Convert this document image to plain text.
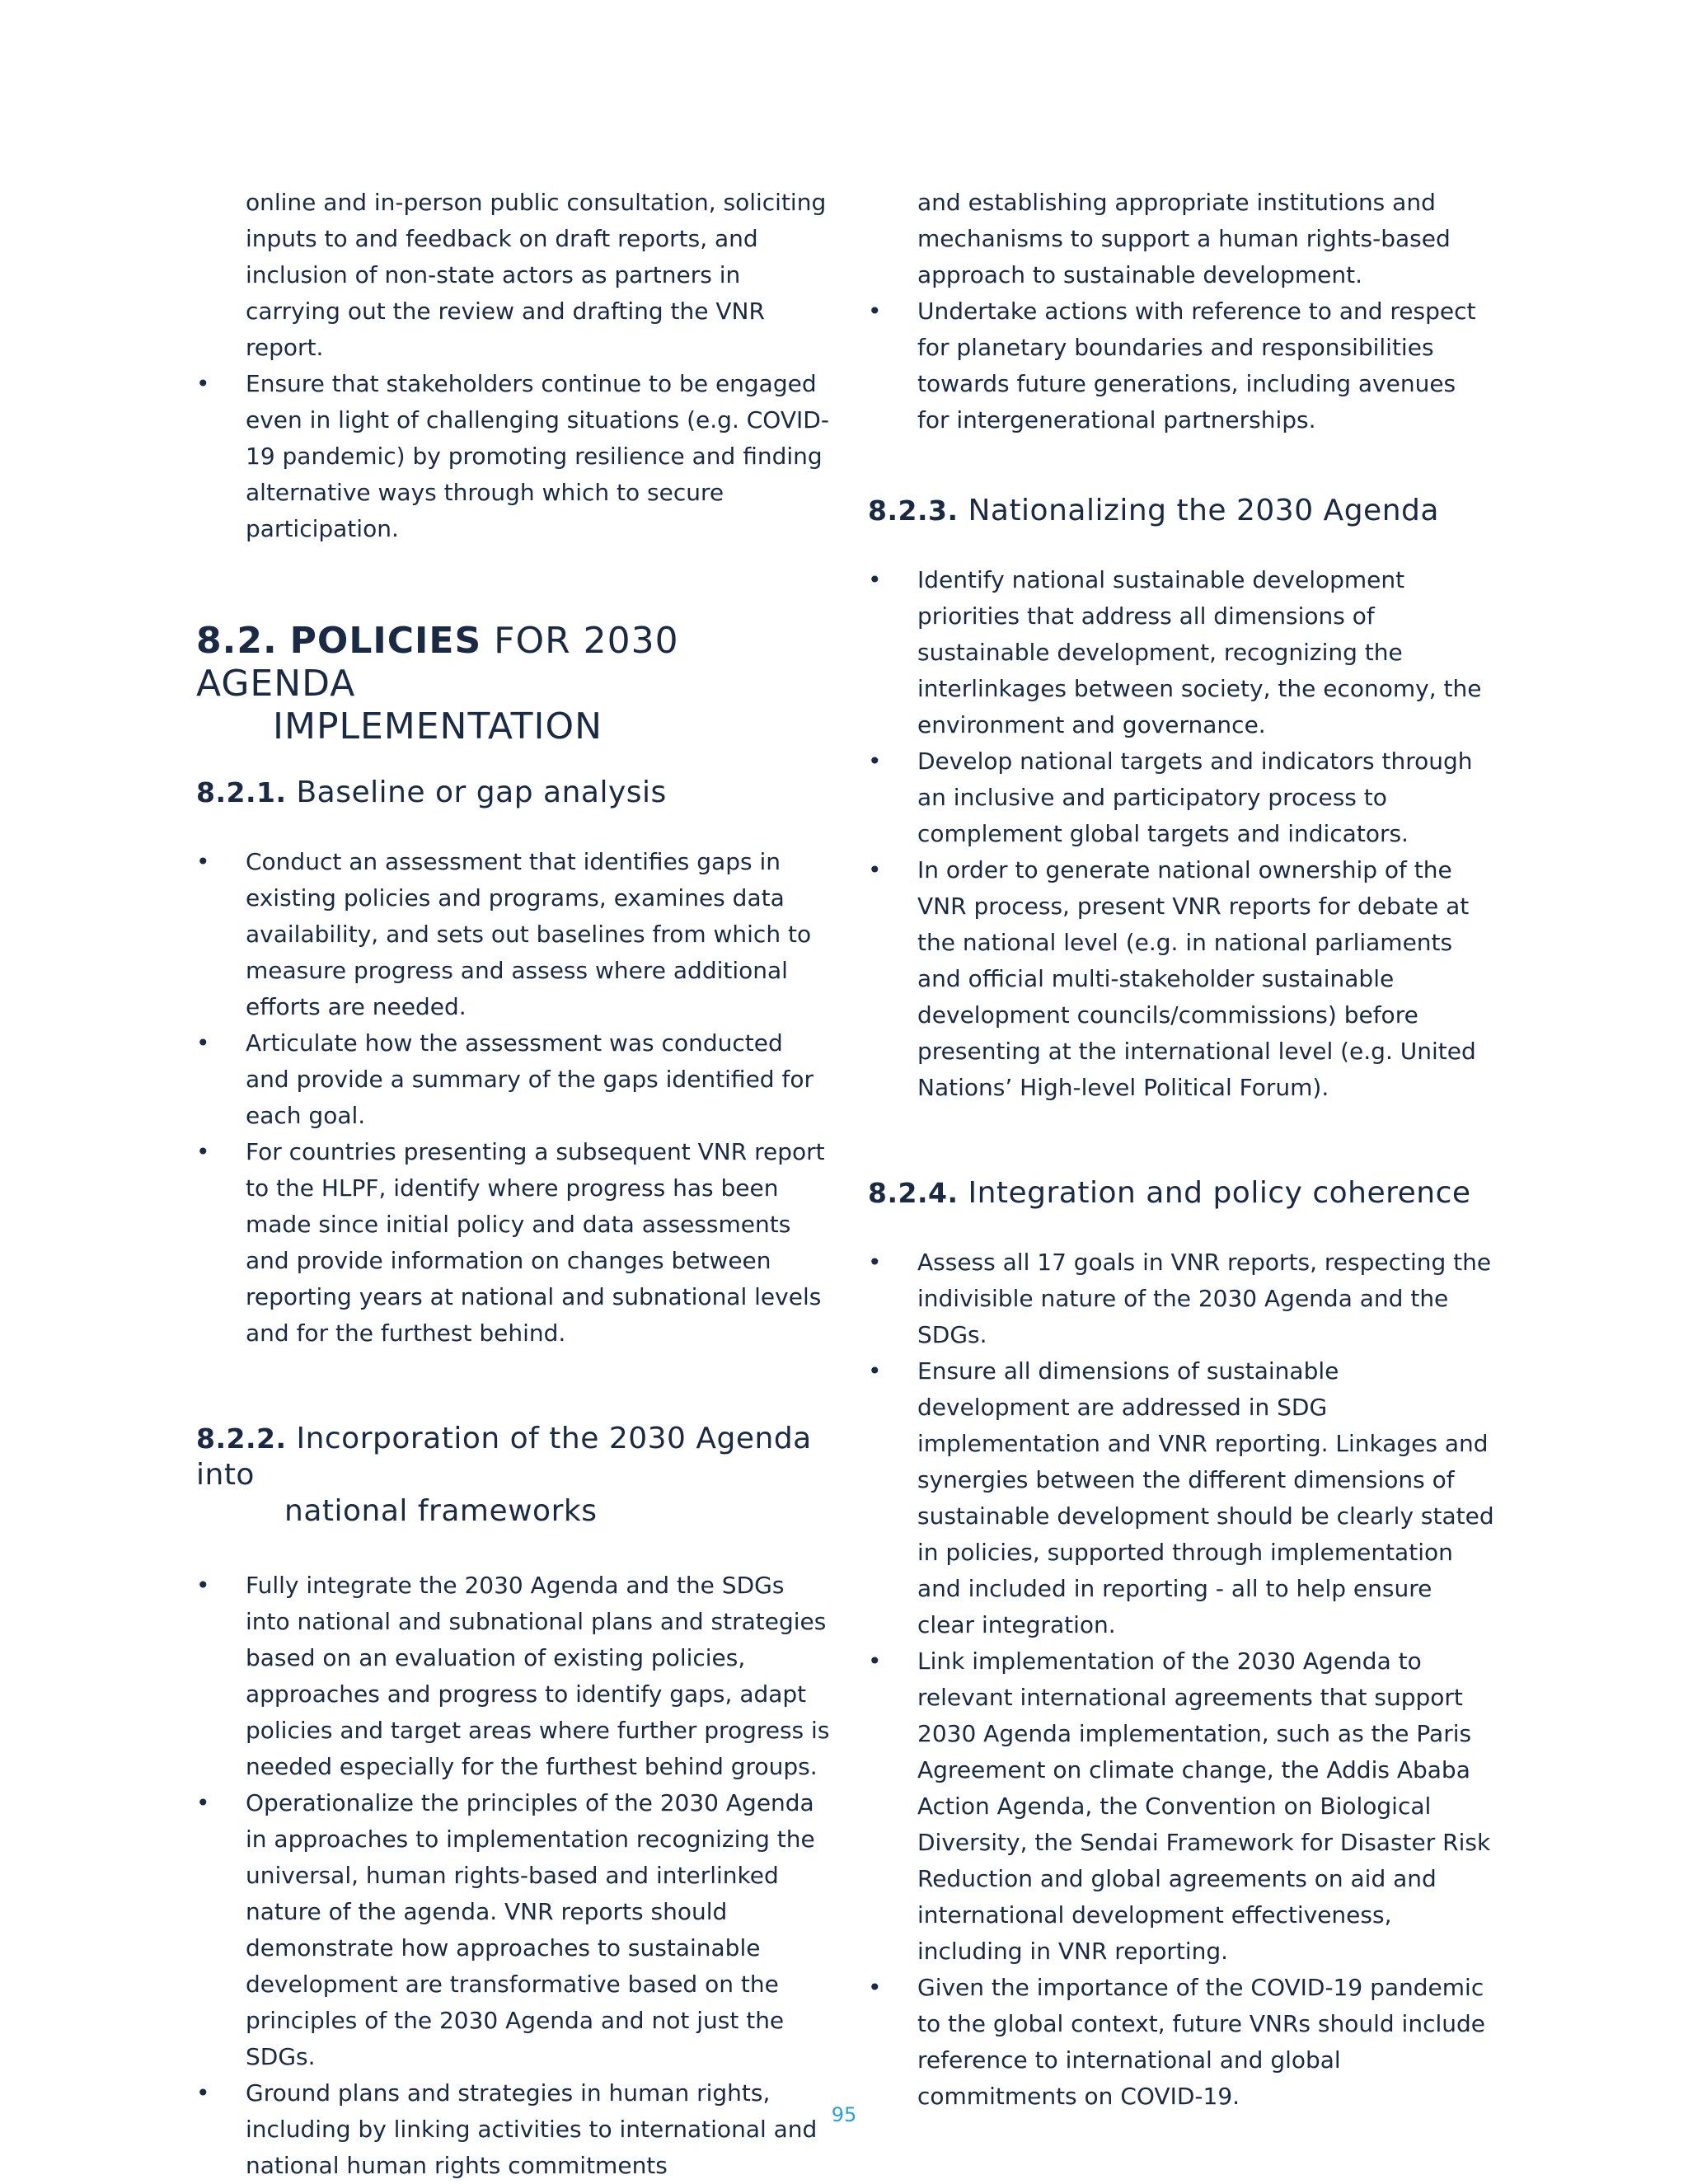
online and in-person public consultation, soliciting inputs to and feedback on draft reports, and inclusion of non-state actors as partners in carrying out the review and drafting the VNR report.

• Ensure that stakeholders continue to be engaged even in light of challenging situations (e.g. COVID-19 pandemic) by promoting resilience and finding alternative ways through which to secure participation.
8.2. POLICIES FOR 2030 AGENDA
IMPLEMENTATION
8.2.1. Baseline or gap analysis
• Conduct an assessment that identifies gaps in existing policies and programs, examines data availability, and sets out baselines from which to measure progress and assess where additional efforts are needed.
• Articulate how the assessment was conducted and provide a summary of the gaps identified for each goal.
• For countries presenting a subsequent VNR report to the HLPF, identify where progress has been made since initial policy and data assessments and provide information on changes between reporting years at national and subnational levels and for the furthest behind.
8.2.2. Incorporation of the 2030 Agenda into
national frameworks
• Fully integrate the 2030 Agenda and the SDGs into national and subnational plans and strategies based on an evaluation of existing policies, approaches and progress to identify gaps, adapt policies and target areas where further progress is needed especially for the furthest behind groups.
• Operationalize the principles of the 2030 Agenda in approaches to implementation recognizing the universal, human rights-based and interlinked nature of the agenda. VNR reports should demonstrate how approaches to sustainable development are transformative based on the principles of the 2030 Agenda and not just the SDGs.
• Ground plans and strategies in human rights, including by linking activities to international and national human rights commitments

and establishing appropriate institutions and mechanisms to support a human rights-based approach to sustainable development.

• Undertake actions with reference to and respect for planetary boundaries and responsibilities towards future generations, including avenues for intergenerational partnerships.
8.2.3. Nationalizing the 2030 Agenda
• Identify national sustainable development priorities that address all dimensions of sustainable development, recognizing the interlinkages between society, the economy, the environment and governance.
• Develop national targets and indicators through an inclusive and participatory process to complement global targets and indicators.
• In order to generate national ownership of the VNR process, present VNR reports for debate at the national level (e.g. in national parliaments and official multi-stakeholder sustainable development councils/commissions) before presenting at the international level (e.g. United Nations’ High-level Political Forum).
8.2.4. Integration and policy coherence
• Assess all 17 goals in VNR reports, respecting the indivisible nature of the 2030 Agenda and the SDGs.
• Ensure all dimensions of sustainable development are addressed in SDG implementation and VNR reporting. Linkages and synergies between the different dimensions of sustainable development should be clearly stated in policies, supported through implementation and included in reporting - all to help ensure clear integration.
• Link implementation of the 2030 Agenda to relevant international agreements that support 2030 Agenda implementation, such as the Paris Agreement on climate change, the Addis Ababa Action Agenda, the Convention on Biological Diversity, the Sendai Framework for Disaster Risk Reduction and global agreements on aid and international development effectiveness, including in VNR reporting.
• Given the importance of the COVID-19 pandemic to the global context, future VNRs should include reference to international and global commitments on COVID-19.
95
